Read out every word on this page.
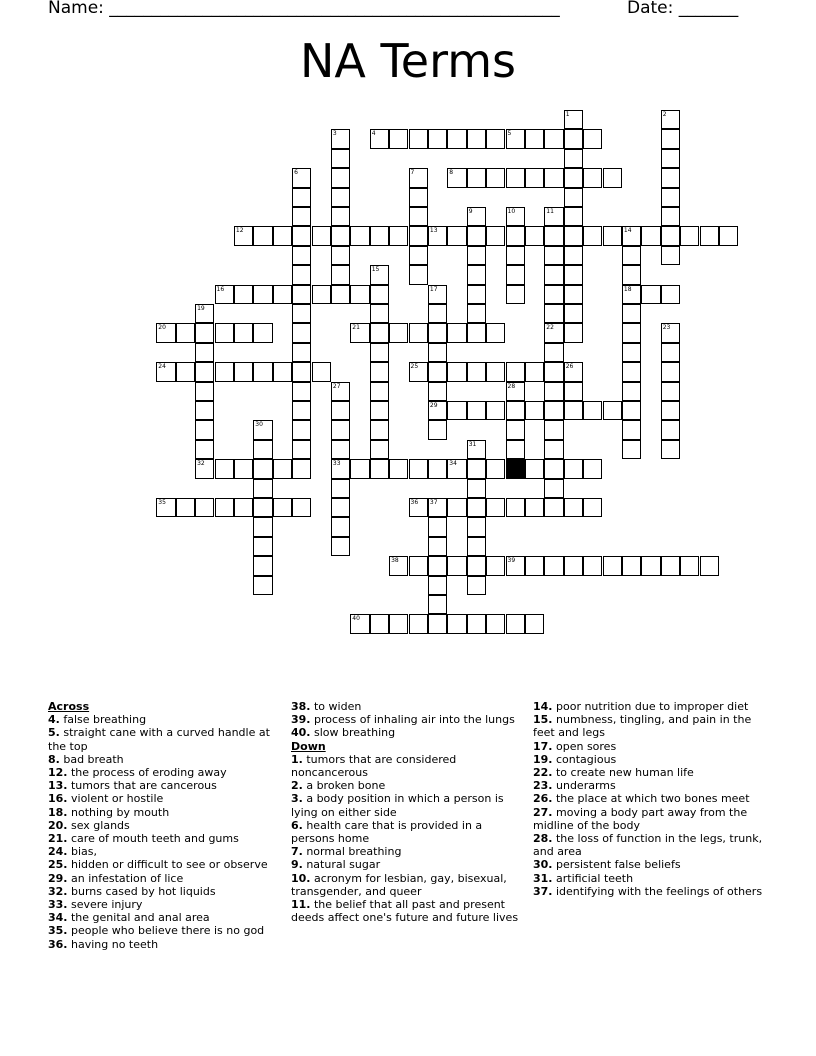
Name: _____________________________________________________	Date: _______
NA Terms
1	2
3	4	5
6	7	8
9	10	11
12	13	14
18
15
16	17
29
19
32
20	21	22	23
24	25	26
27
33
28
30
31
34
35	36 37
38	39
40
Across
4. false breathing
5. straight cane with a curved handle at the top
8. bad breath
12. the process of eroding away
13. tumors that are cancerous
16. violent or hostile
18. nothing by mouth
20. sex glands
21. care of mouth teeth and gums
24. bias,
25. hidden or difficult to see or observe
29. an infestation of lice
32. burns cased by hot liquids
33. severe injury
34. the genital and anal area
35. people who believe there is no god
36. having no teeth
38. to widen
39. process of inhaling air into the lungs
40. slow breathing
Down
1. tumors that are considered noncancerous
2. a broken bone
3. a body position in which a person is lying on either side
6. health care that is provided in a persons home
7. normal breathing
9. natural sugar
10. acronym for lesbian, gay, bisexual, transgender, and queer
11. the belief that all past and present deeds affect one's future and future lives
14. poor nutrition due to improper diet
15. numbness, tingling, and pain in the feet and legs
17. open sores
19. contagious
22. to create new human life
23. underarms
26. the place at which two bones meet
27. moving a body part away from the midline of the body
28. the loss of function in the legs, trunk, and area
30. persistent false beliefs
31. artificial teeth
37. identifying with the feelings of others
